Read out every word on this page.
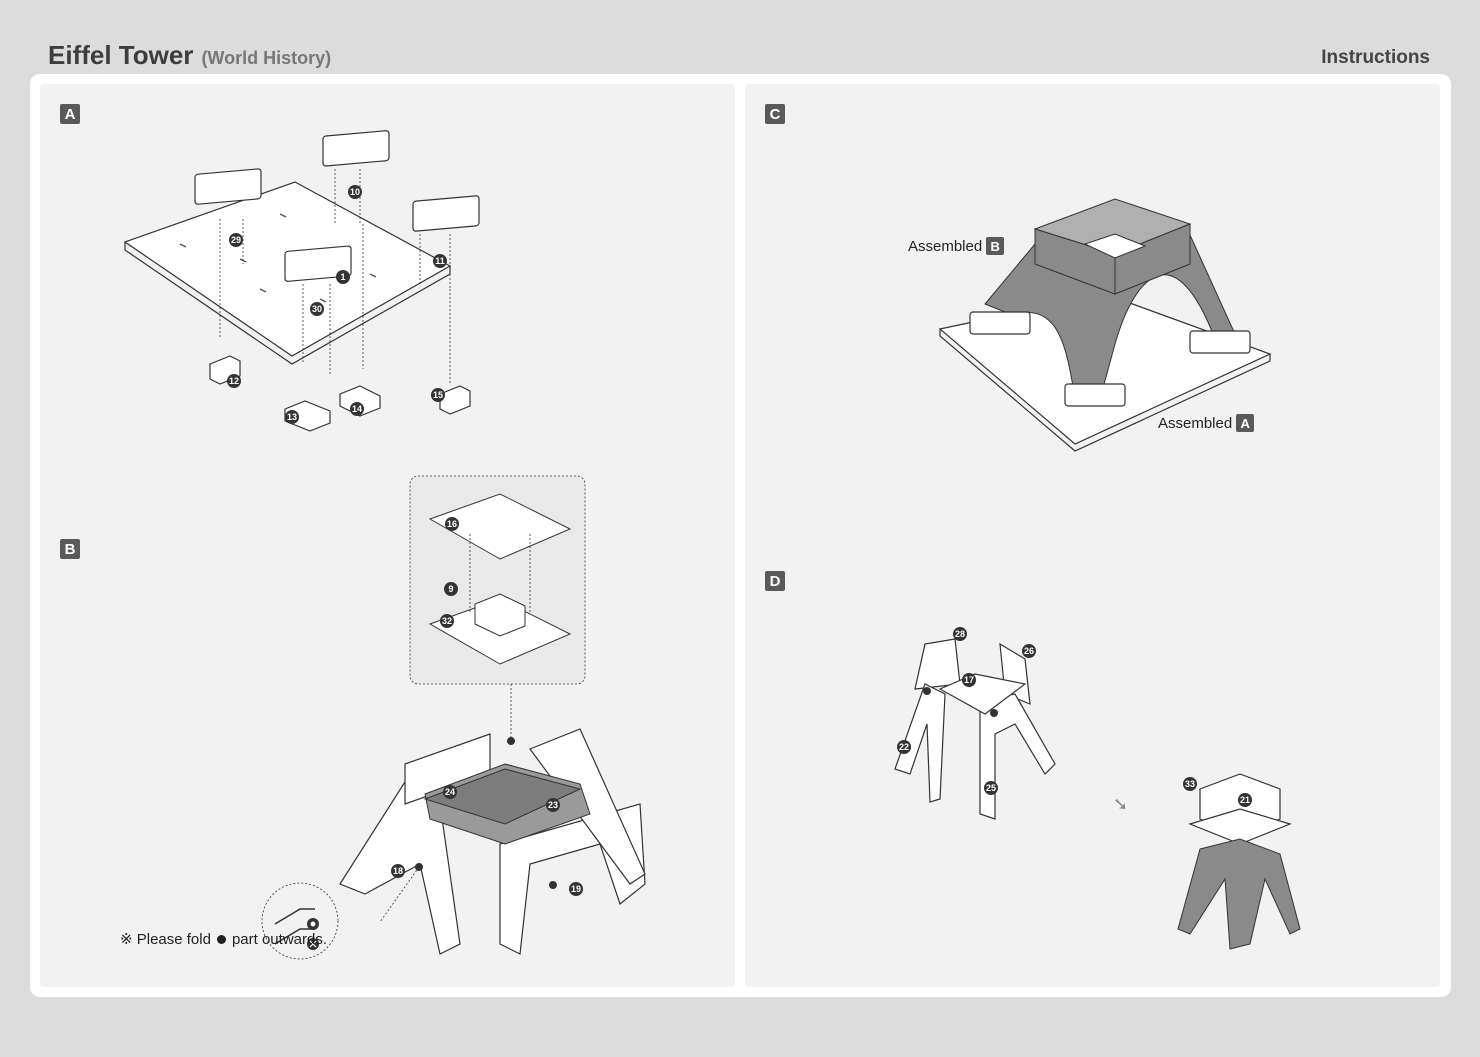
Eiffel Tower (World History)	Instructions
A
29
10
11
30
1
12
13
14
15
B
16
9
32
24
23
18
19
※ Please fold part outwards.
C
Assembled B
Assembled A
D
28
26
17
22
25
➘
33
21
